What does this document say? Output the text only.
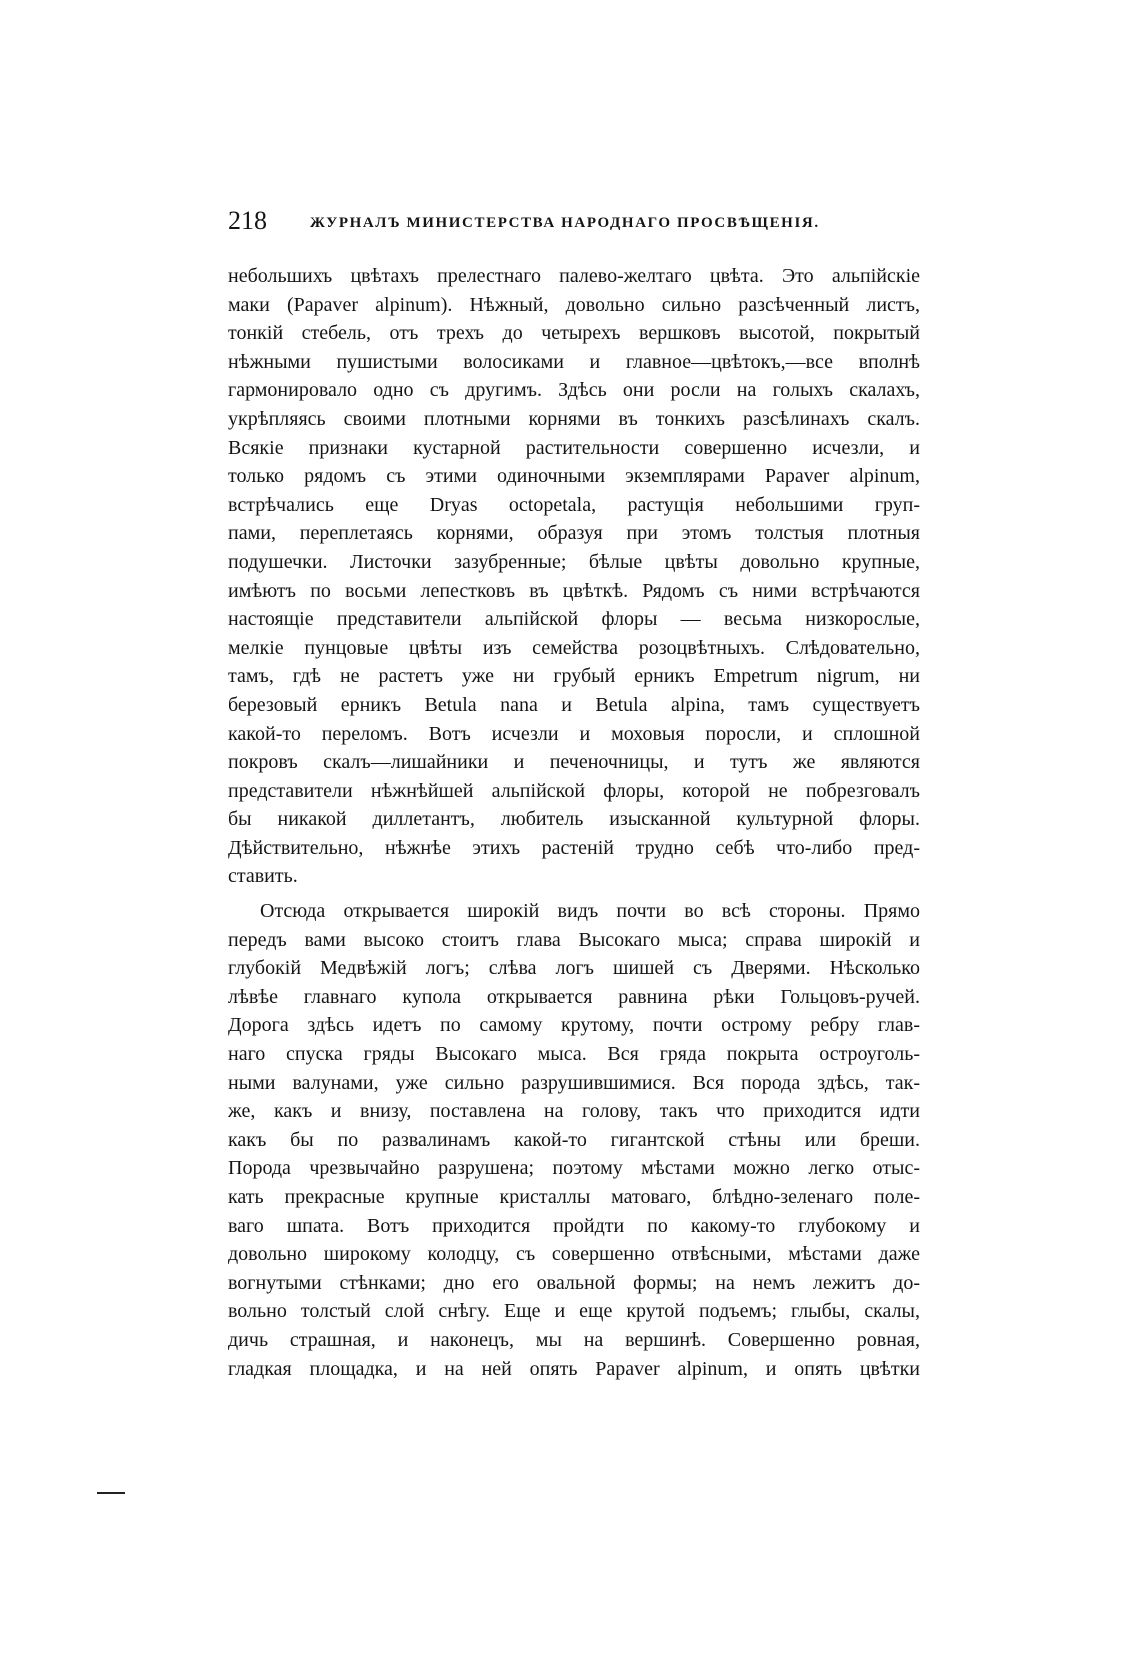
218	ЖУРНАЛЪ МИНИСТЕРСТВА НАРОДНАГО ПРОСВѢЩЕНІЯ.
небольшихъ цвѣтахъ прелестнаго палево-желтаго цвѣта. Это альпійскіе
маки (Papaver alpinum). Нѣжный, довольно сильно разсѣченный листъ,
тонкій стебель, отъ трехъ до четырехъ вершковъ высотой, покрытый
нѣжными пушистыми волосиками и главное—цвѣтокъ,—все вполнѣ
гармонировало одно съ другимъ. Здѣсь они росли на голыхъ скалахъ,
укрѣпляясь своими плотными корнями въ тонкихъ разсѣлинахъ скалъ.
Всякіе признаки кустарной растительности совершенно исчезли, и
только рядомъ съ этими одиночными экземплярами Papaver alpinum,
встрѣчались еще Dryas octopetala, растущія небольшими груп-
пами, переплетаясь корнями, образуя при этомъ толстыя плотныя
подушечки. Листочки зазубренные; бѣлые цвѣты довольно крупные,
имѣютъ по восьми лепестковъ въ цвѣткѣ. Рядомъ съ ними встрѣчаются
настоящіе представители альпійской флоры — весьма низкорослые,
мелкіе пунцовые цвѣты изъ семейства розоцвѣтныхъ. Слѣдовательно,
тамъ, гдѣ не растетъ уже ни грубый ерникъ Empetrum nigrum, ни
березовый ерникъ Betula nana и Betula alpina, тамъ существуетъ
какой-то переломъ. Вотъ исчезли и моховыя поросли, и сплошной
покровъ скалъ—лишайники и печеночницы, и тутъ же являются
представители нѣжнѣйшей альпійской флоры, которой не побрезговалъ
бы никакой диллетантъ, любитель изысканной культурной флоры.
Дѣйствительно, нѣжнѣе этихъ растеній трудно себѣ что-либо пред-
ставить.
Отсюда открывается широкій видъ почти во всѣ стороны. Прямо
передъ вами высоко стоитъ глава Высокаго мыса; справа широкій и
глубокій Медвѣжій логъ; слѣва логъ шишей съ Дверями. Нѣсколько
лѣвѣе главнаго купола открывается равнина рѣки Гольцовъ-ручей.
Дорога здѣсь идетъ по самому крутому, почти острому ребру глав-
наго спуска гряды Высокаго мыса. Вся гряда покрыта остроуголь-
ными валунами, уже сильно разрушившимися. Вся порода здѣсь, так-
же, какъ и внизу, поставлена на голову, такъ что приходится идти
какъ бы по развалинамъ какой-то гигантской стѣны или бреши.
Порода чрезвычайно разрушена; поэтому мѣстами можно легко отыс-
кать прекрасные крупные кристаллы матоваго, блѣдно-зеленаго поле-
ваго шпата. Вотъ приходится пройдти по какому-то глубокому и
довольно широкому колодцу, съ совершенно отвѣсными, мѣстами даже
вогнутыми стѣнками; дно его овальной формы; на немъ лежитъ до-
вольно толстый слой снѣгу. Еще и еще крутой подъемъ; глыбы, скалы,
дичь страшная, и наконецъ, мы на вершинѣ. Совершенно ровная,
гладкая площадка, и на ней опять Papaver alpinum, и опять цвѣтки
